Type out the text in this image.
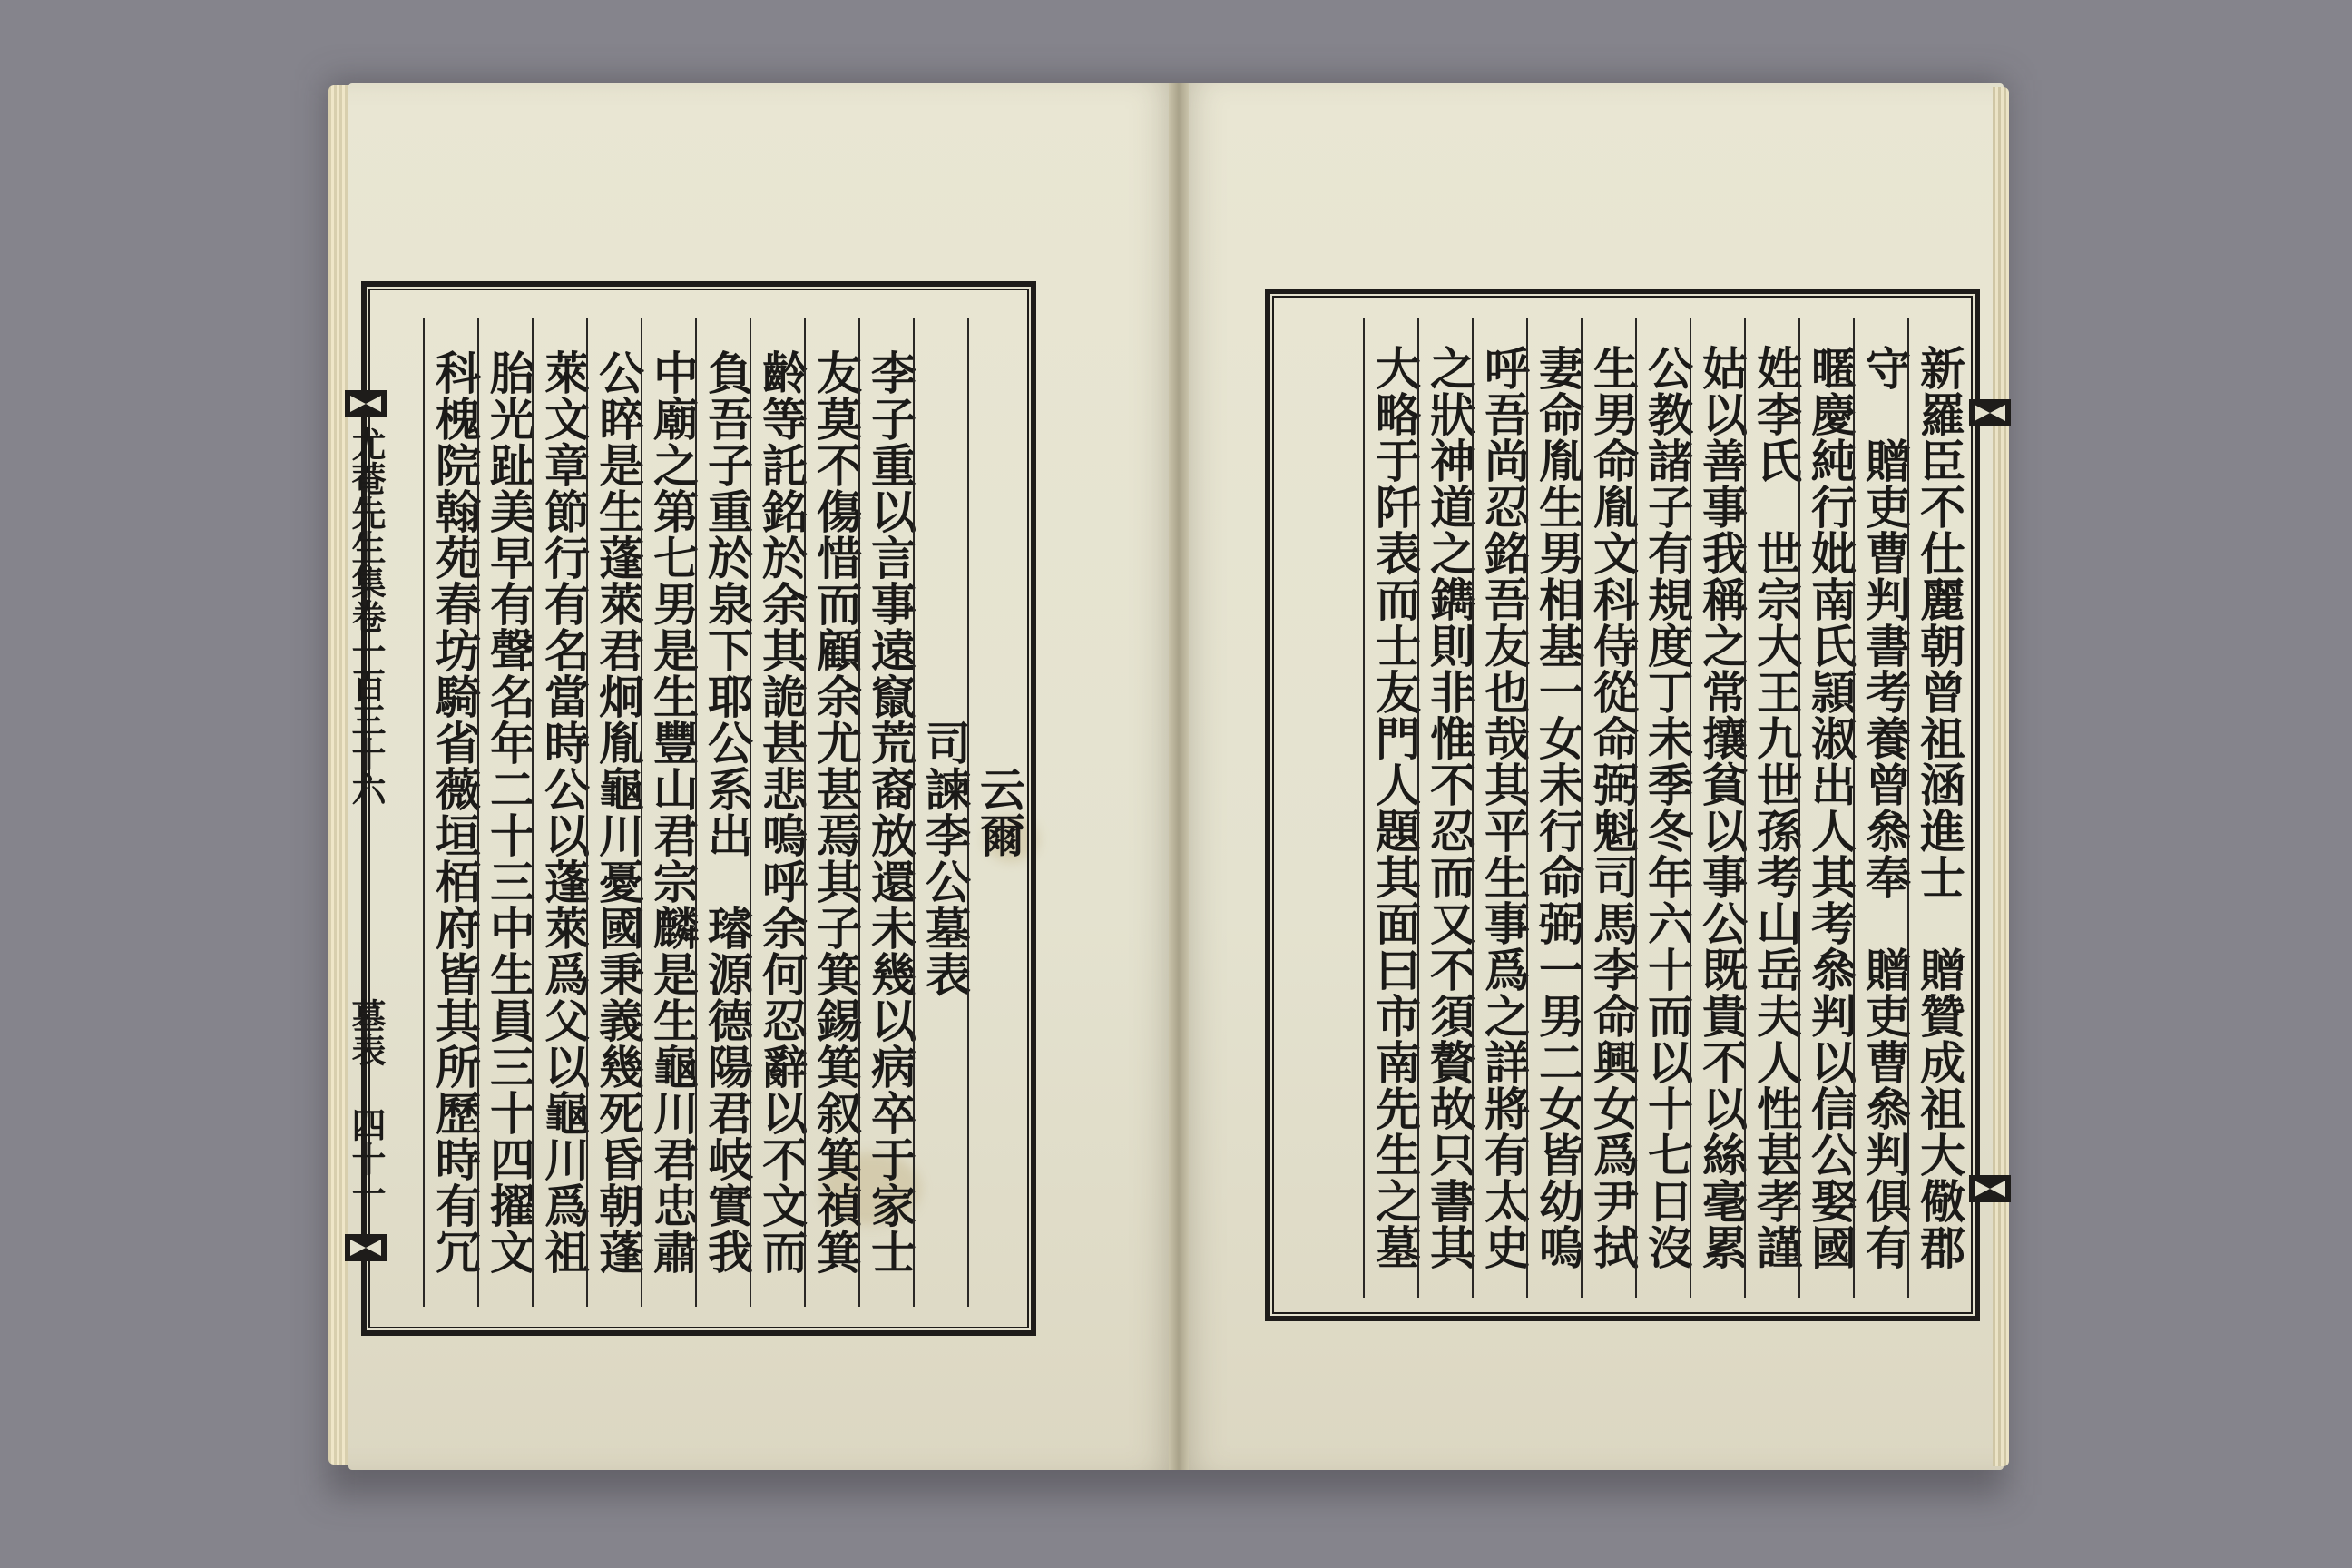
云爾
　　司諫李公墓表
李子重以言事遠竄荒裔放還未幾以病卒于家士
友莫不傷惜而顧余尤甚焉其子箕錫箕叙箕禎箕
齡等託銘於余其詭甚悲嗚呼余何忍辭以不文而
負吾子重於泉下耶公系出　璿源德陽君岐實我
中廟之第七男是生豐山君宗麟是生龜川君忠肅
公睟是生蓬萊君炯胤龜川憂國秉義幾死昏朝蓬
萊文章節行有名當時公以蓬萊爲父以龜川爲祖
胎光趾美早有聲名年二十三中生員三十四擢文
科槐院翰苑春坊騎省薇垣栢府皆其所歷時有冗
尤菴先生集卷一百三十六
墓表
四十一	新羅臣不仕麗朝曾祖涵進士　贈贊成祖大儆郡
守　贈吏曹判書考養曾叅奉　贈吏曹叅判俱有
暱慶純行妣南氏頴淑出人其考叅判以信公娶國
姓李氏　世宗大王九世孫考山岳夫人性甚孝謹
姑以善事我稱之常攘貧以事公既貴不以絲毫累
公教諸子有規度丁未季冬年六十而以十七日沒
生男命胤文科侍從命弼魁司馬李命興女爲尹拭
妻命胤生男相基一女未行命弼一男二女皆幼嗚
呼吾尚忍銘吾友也哉其平生事爲之詳將有太史
之狀神道之鐫則非惟不忍而又不須贅故只書其
大略于阡表而士友門人題其面曰市南先生之墓
